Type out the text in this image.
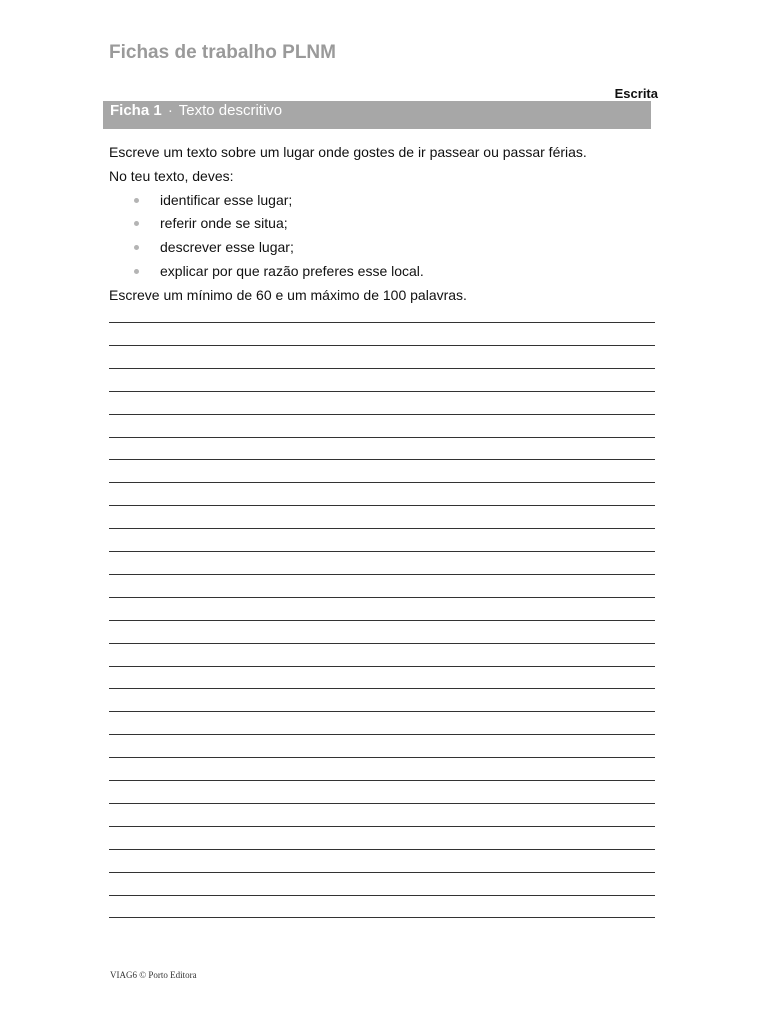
Fichas de trabalho PLNM
Escrita
Ficha 1 · Texto descritivo

Escreve um texto sobre um lugar onde gostes de ir passear ou passar férias.

No teu texto, deves:

identificar esse lugar;
referir onde se situa;
descrever esse lugar;
explicar por que razão preferes esse local.

Escreve um mínimo de 60 e um máximo de 100 palavras.

VIAG6 © Porto Editora
